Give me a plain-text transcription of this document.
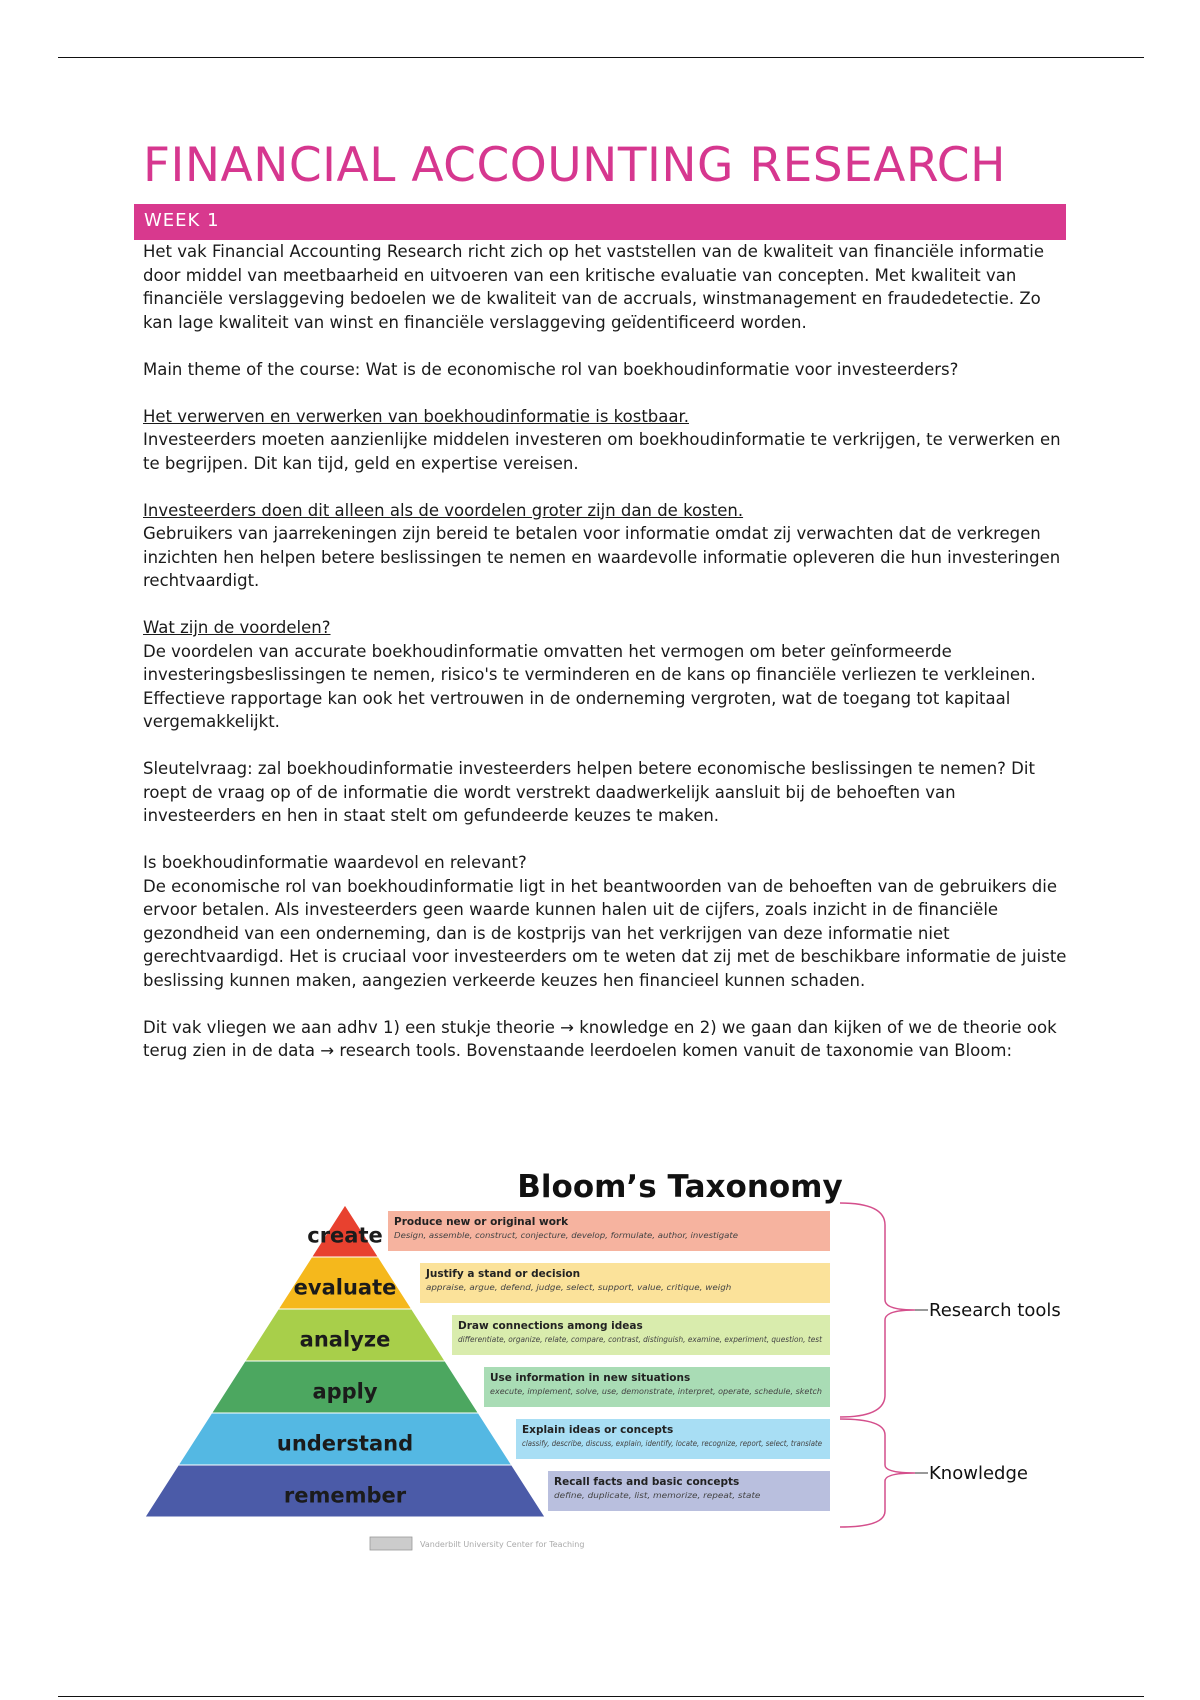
FINANCIAL ACCOUNTING RESEARCH
WEEK 1

Het vak Financial Accounting Research richt zich op het vaststellen van de kwaliteit van financiële informatie door middel van meetbaarheid en uitvoeren van een kritische evaluatie van concepten. Met kwaliteit van financiële verslaggeving bedoelen we de kwaliteit van de accruals, winstmanagement en fraudedetectie. Zo kan lage kwaliteit van winst en financiële verslaggeving geïdentificeerd worden.

Main theme of the course: Wat is de economische rol van boekhoudinformatie voor investeerders?

Het verwerven en verwerken van boekhoudinformatie is kostbaar.
Investeerders moeten aanzienlijke middelen investeren om boekhoudinformatie te verkrijgen, te verwerken en te begrijpen. Dit kan tijd, geld en expertise vereisen.

Investeerders doen dit alleen als de voordelen groter zijn dan de kosten.
Gebruikers van jaarrekeningen zijn bereid te betalen voor informatie omdat zij verwachten dat de verkregen inzichten hen helpen betere beslissingen te nemen en waardevolle informatie opleveren die hun investeringen rechtvaardigt.

Wat zijn de voordelen?
De voordelen van accurate boekhoudinformatie omvatten het vermogen om beter geïnformeerde investeringsbeslissingen te nemen, risico's te verminderen en de kans op financiële verliezen te verkleinen. Effectieve rapportage kan ook het vertrouwen in de onderneming vergroten, wat de toegang tot kapitaal vergemakkelijkt.

Sleutelvraag: zal boekhoudinformatie investeerders helpen betere economische beslissingen te nemen? Dit roept de vraag op of de informatie die wordt verstrekt daadwerkelijk aansluit bij de behoeften van investeerders en hen in staat stelt om gefundeerde keuzes te maken.

Is boekhoudinformatie waardevol en relevant?
De economische rol van boekhoudinformatie ligt in het beantwoorden van de behoeften van de gebruikers die ervoor betalen. Als investeerders geen waarde kunnen halen uit de cijfers, zoals inzicht in de financiële gezondheid van een onderneming, dan is de kostprijs van het verkrijgen van deze informatie niet gerechtvaardigd. Het is cruciaal voor investeerders om te weten dat zij met de beschikbare informatie de juiste beslissing kunnen maken, aangezien verkeerde keuzes hen financieel kunnen schaden.

Dit vak vliegen we aan adhv 1) een stukje theorie → knowledge en 2) we gaan dan kijken of we de theorie ook terug zien in de data → research tools. Bovenstaande leerdoelen komen vanuit de taxonomie van Bloom:

Bloom’s Taxonomy
create
evaluate
analyze
apply
understand
remember
Produce new or original work
Design, assemble, construct, conjecture, develop, formulate, author, investigate
Justify a stand or decision
appraise, argue, defend, judge, select, support, value, critique, weigh
Draw connections among ideas
differentiate, organize, relate, compare, contrast, distinguish, examine, experiment, question, test
Use information in new situations
execute, implement, solve, use, demonstrate, interpret, operate, schedule, sketch
Explain ideas or concepts
classify, describe, discuss, explain, identify, locate, recognize, report, select, translate
Recall facts and basic concepts
define, duplicate, list, memorize, repeat, state
Research tools
Knowledge
Vanderbilt University Center for Teaching
